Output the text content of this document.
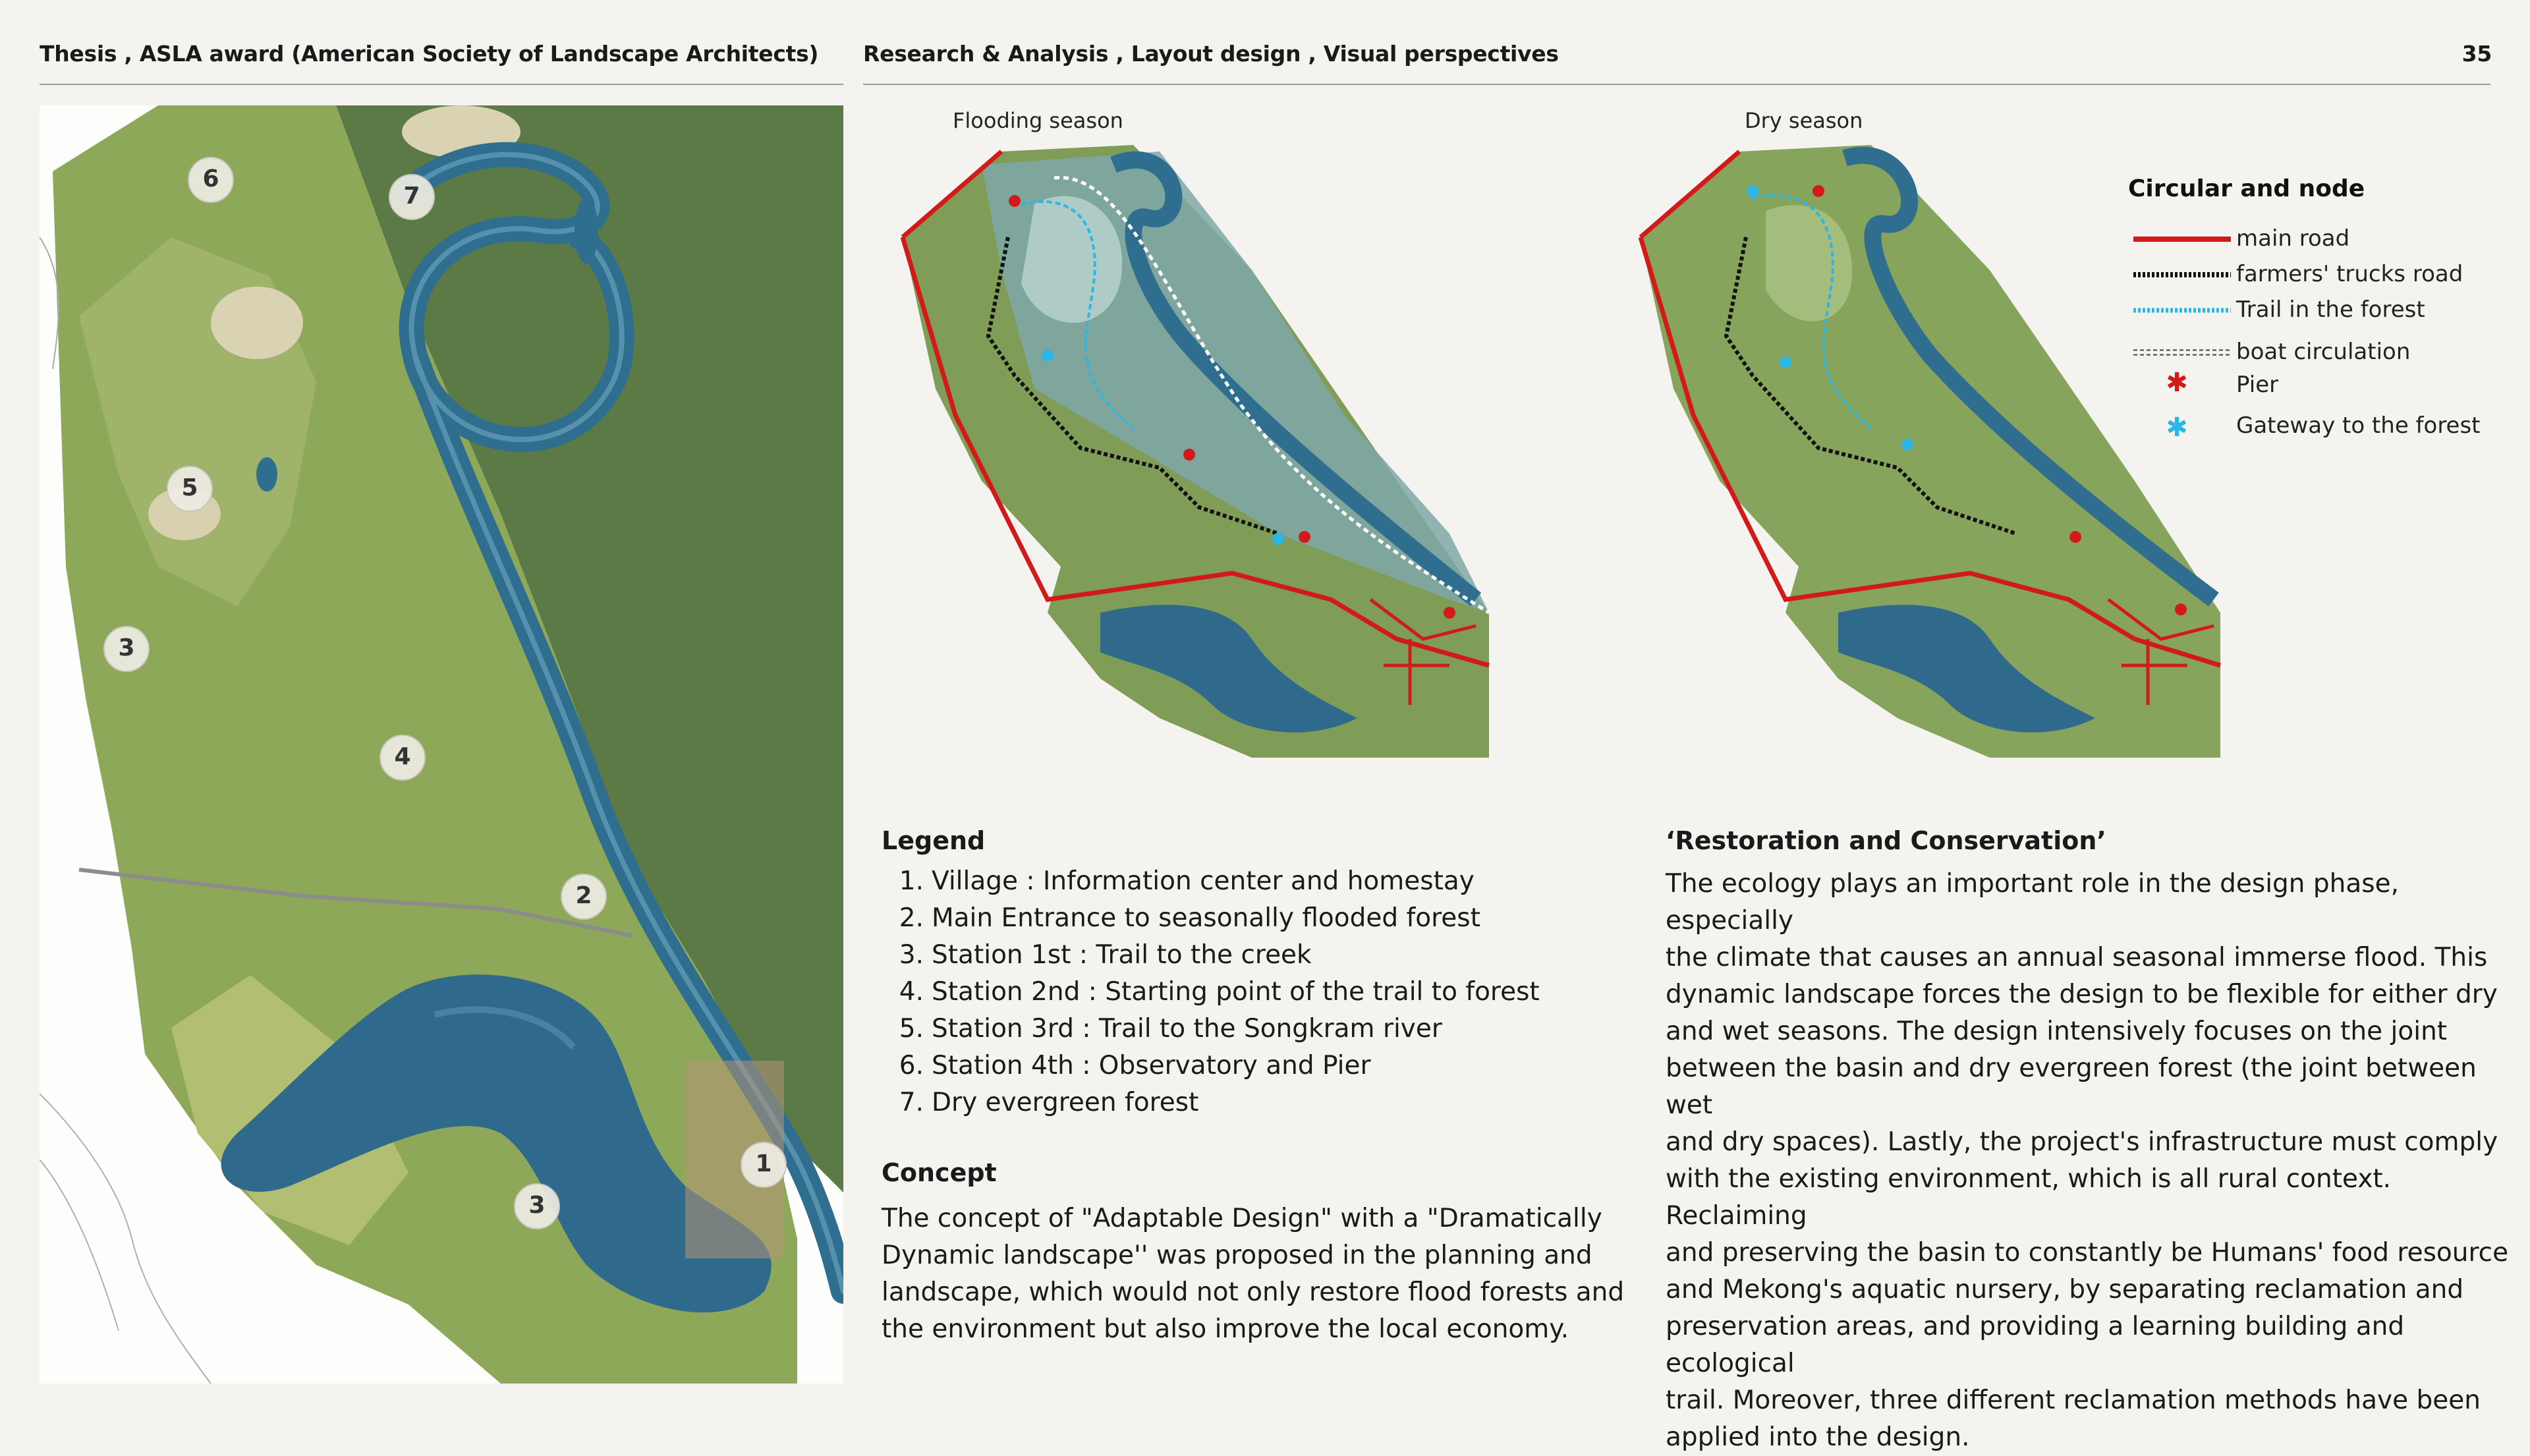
Thesis , ASLA award (American Society of Landscape Architects) Research & Analysis , Layout design , Visual perspectives	35
6
7
5
3
4
2
1
3
Flooding season	Dry season
Circular and node
main road
farmers' trucks road
Trail in the forest
boat circulation
✱ Pier
✱ Gateway to the forest
Legend
1. Village : Information center and homestay
2. Main Entrance to seasonally flooded forest
3. Station 1st : Trail to the creek
4. Station 2nd : Starting point of the trail to forest
5. Station 3rd : Trail to the Songkram river
6. Station 4th : Observatory and Pier
7. Dry evergreen forest
Concept
The concept of "Adaptable Design" with a "Dramatically
Dynamic landscape'' was proposed in the planning and
landscape, which would not only restore flood forests and
the environment but also improve the local economy.
‘Restoration and Conservation’
The ecology plays an important role in the design phase, especially
the climate that causes an annual seasonal immerse flood. This
dynamic landscape forces the design to be flexible for either dry
and wet seasons. The design intensively focuses on the joint
between the basin and dry evergreen forest (the joint between wet
and dry spaces). Lastly, the project's infrastructure must comply
with the existing environment, which is all rural context. Reclaiming
and preserving the basin to constantly be Humans' food resource
and Mekong's aquatic nursery, by separating reclamation and
preservation areas, and providing a learning building and ecological
trail. Moreover, three different reclamation methods have been
applied into the design.
